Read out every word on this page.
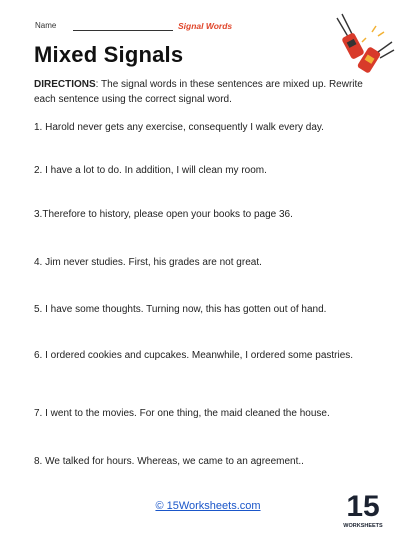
Name	Signal Words
Mixed Signals
DIRECTIONS: The signal words in these sentences are mixed up. Rewrite each sentence using the correct signal word.
1. Harold never gets any exercise, consequently I walk every day.
2. I have a lot to do. In addition, I will clean my room.
3.Therefore to history, please open your books to page 36.
4. Jim never studies. First, his grades are not great.
5. I have some thoughts. Turning now, this has gotten out of hand.
6. I ordered cookies and cupcakes. Meanwhile, I ordered some pastries.
7. I went to the movies. For one thing, the maid cleaned the house.
8. We talked for hours. Whereas, we came to an agreement..
© 15Worksheets.com	15
WORKSHEETS
